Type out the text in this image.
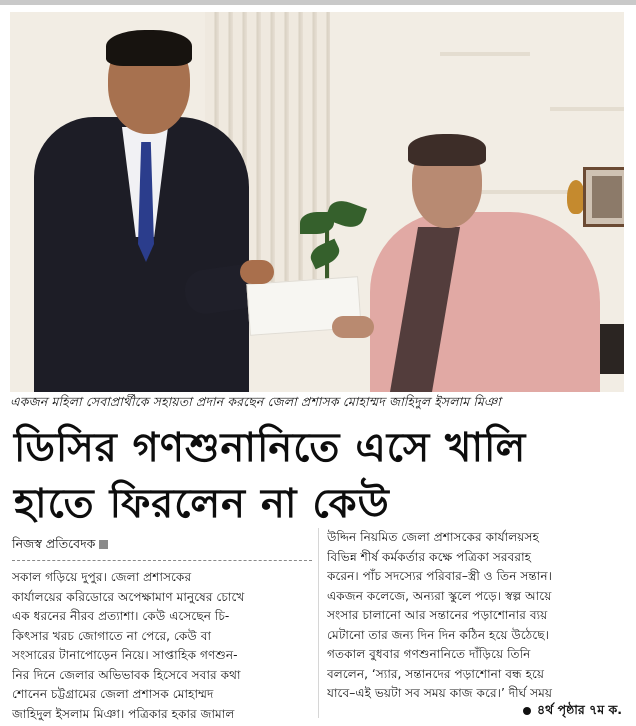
একজন মহিলা সেবাপ্রার্থীকে সহায়তা প্রদান করছেন জেলা প্রশাসক মোহাম্মদ জাহিদুল ইসলাম মিঞা
ডিসির গণশুনানিতে এসে খালি
হাতে ফিরলেন না কেউ
নিজস্ব প্রতিবেদক
সকাল গড়িয়ে দুপুর। জেলা প্রশাসকের
কার্যালয়ের করিডোরে অপেক্ষামাণ মানুষের চোখে
এক ধরনের নীরব প্রত্যাশা। কেউ এসেছেন চি-
কিৎসার খরচ জোগাতে না পেরে, কেউ বা
সংসারের টানাপোড়েন নিয়ে। সাপ্তাহিক গণশুন-
নির দিনে জেলার অভিভাবক হিসেবে সবার কথা
শোনেন চট্টগ্রামের জেলা প্রশাসক মোহাম্মদ
জাহিদুল ইসলাম মিঞা। পত্রিকার হকার জামাল
উদ্দিন নিয়মিত জেলা প্রশাসকের কার্যালয়সহ
বিভিন্ন শীর্ষ কর্মকর্তার কক্ষে পত্রিকা সরবরাহ
করেন। পাঁচ সদস্যের পরিবার–স্ত্রী ও তিন সন্তান।
একজন কলেজে, অন্যরা স্কুলে পড়ে। স্বল্প আয়ে
সংসার চালানো আর সন্তানের পড়াশোনার ব্যয়
মেটানো তার জন্য দিন দিন কঠিন হয়ে উঠেছে।
গতকাল বুধবার গণশুনানিতে দাঁড়িয়ে তিনি
বললেন, ‘স্যার, সন্তানদের পড়াশোনা বন্ধ হয়ে
যাবে–এই ভয়টা সব সময় কাজ করে।’ দীর্ঘ সময়
৪র্থ পৃষ্ঠার ৭ম ক.
